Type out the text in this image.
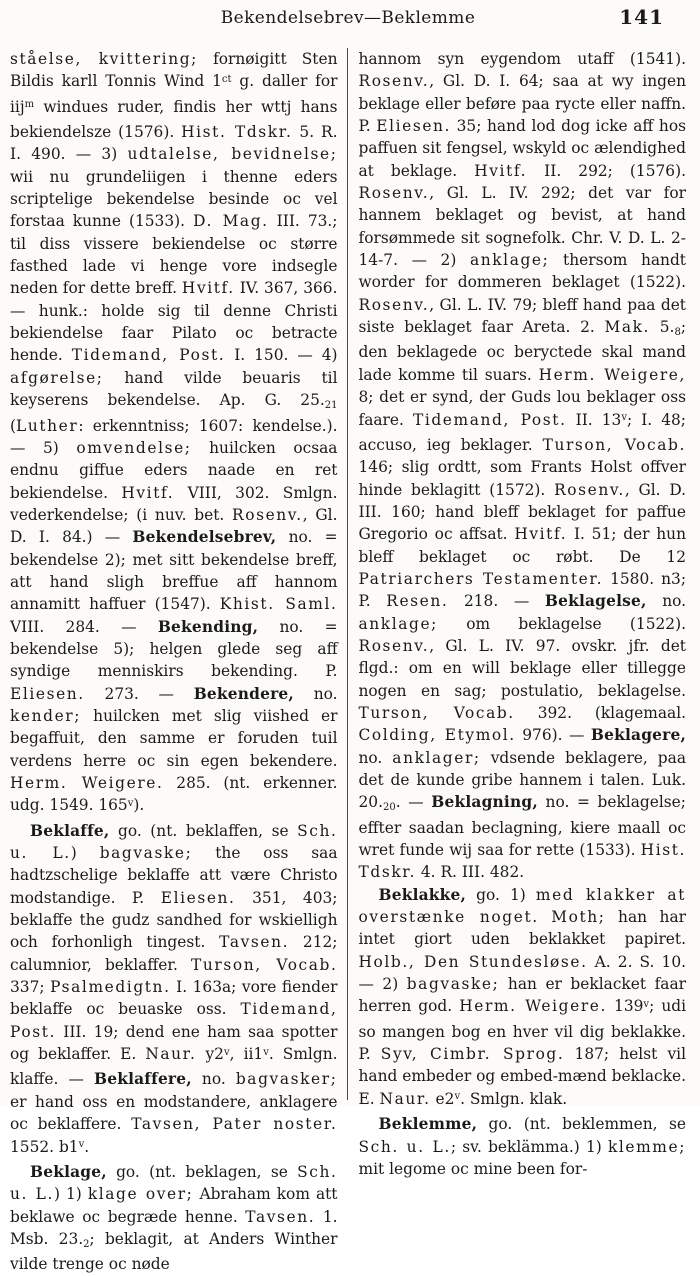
Bekendelsebrev—Beklemme	141

ståelse, kvittering; fornøigitt Sten Bildis karll Tonnis Wind $1^{ct}$ g. daller for iij$^m$ windues ruder, findis her wttj hans bekiendelsze (1576). Hist. Tdskr. 5. R. I. 490. — 3) udtalelse, bevidnelse; wii nu grundeliigen i thenne eders scriptelige bekendelse besinde oc vel forstaa kunne (1533). D. Mag. III. 73.; til diss vissere bekiendelse oc større fasthed lade vi henge vore indsegle neden for dette breff. Hvitf. IV. 367, 366. — hunk.: holde sig til denne Christi bekiendelse faar Pilato oc betracte hende. Tidemand, Post. I. 150. — 4) afgørelse; hand vilde beuaris til keyserens bekendelse. Ap. G. 25.21 (Luther: erkenntniss; 1607: kendelse.). — 5) omvendelse; huilcken ocsaa endnu giffue eders naade en ret bekiendelse. Hvitf. VIII, 302. Smlgn. vederkendelse; (i nuv. bet. Rosenv., Gl. D. I. 84.) — Bekendelsebrev, no. = bekendelse 2); met sitt bekendelse breff, att hand sligh breffue aff hannom annamitt haffuer (1547). Khist. Saml. VIII. 284. — Bekending, no. = bekendelse 5); helgen glede seg aff syndige menniskirs bekending. P. Eliesen. 273. — Bekendere, no. kender; huilcken met slig viished er begaffuit, den samme er foruden tuil verdens herre oc sin egen bekendere. Herm. Weigere. 285. (nt. erkenner. udg. 1549. 165$^v$).

Beklaffe, go. (nt. beklaffen, se Sch. u. L.) bagvaske; the oss saa hadtzschelige beklaffe att være Christo modstandige. P. Eliesen. 351, 403; beklaffe the gudz sandhed for wskielligh och forhonligh tingest. Tavsen. 212; calumnior, beklaffer. Turson, Vocab. 337; Psalmedigtn. I. 163a; vore fiender beklaffe oc beuaske oss. Tidemand, Post. III. 19; dend ene ham saa spotter og beklaffer. E. Naur. y2$^v$, ii1$^v$. Smlgn. klaffe. — Beklaffere, no. bagvasker; er hand oss en modstandere, anklagere oc beklaffere. Tavsen, Pater noster. 1552. b1$^v$.

Beklage, go. (nt. beklagen, se Sch. u. L.) 1) klage over; Abraham kom att beklawe oc begræde henne. Tavsen. 1. Msb. 23.2; beklagit, at Anders Winther vilde trenge oc nøde

hannom syn eygendom utaff (1541). Rosenv., Gl. D. I. 64; saa at wy ingen beklage eller beføre paa rycte eller naffn. P. Eliesen. 35; hand lod dog icke aff hos paffuen sit fengsel, wskyld oc ælendighed at beklage. Hvitf. II. 292; (1576). Rosenv., Gl. L. IV. 292; det var for hannem beklaget og bevist, at hand forsømmede sit sognefolk. Chr. V. D. L. 2-14-7. — 2) anklage; thersom handt worder for dommeren beklaget (1522). Rosenv., Gl. L. IV. 79; bleff hand paa det siste beklaget faar Areta. 2. Mak. 5.8; den beklagede oc beryctede skal mand lade komme til suars. Herm. Weigere, 8; det er synd, der Guds lou beklager oss faare. Tidemand, Post. II. 13$^v$; I. 48; accuso, ieg beklager. Turson, Vocab. 146; slig ordtt, som Frants Holst offver hinde beklagitt (1572). Rosenv., Gl. D. III. 160; hand bleff beklaget for paffue Gregorio oc affsat. Hvitf. I. 51; der hun bleff beklaget oc røbt. De 12 Patriarchers Testamenter. 1580. n3; P. Resen. 218. — Beklagelse, no. anklage; om beklagelse (1522). Rosenv., Gl. L. IV. 97. ovskr. jfr. det flgd.: om en will beklage eller tillegge nogen en sag; postulatio, beklagelse. Turson, Vocab. 392. (klagemaal. Colding, Etymol. 976). — Beklagere, no. anklager; vdsende beklagere, paa det de kunde gribe hannem i talen. Luk. 20.20. — Beklagning, no. = beklagelse; effter saadan beclagning, kiere maall oc wret funde wij saa for rette (1533). Hist. Tdskr. 4. R. III. 482.

Beklakke, go. 1) med klakker at overstænke noget. Moth; han har intet giort uden beklakket papiret. Holb., Den Stundesløse. A. 2. S. 10. — 2) bagvaske; han er beklacket faar herren god. Herm. Weigere. 139$^v$; udi so mangen bog en hver vil dig beklakke. P. Syv, Cimbr. Sprog. 187; helst vil hand embeder og embed-mænd beklacke. E. Naur. e2$^v$. Smlgn. klak.

Beklemme, go. (nt. beklemmen, se Sch. u. L.; sv. beklämma.) 1) klemme; mit legome oc mine been for-
